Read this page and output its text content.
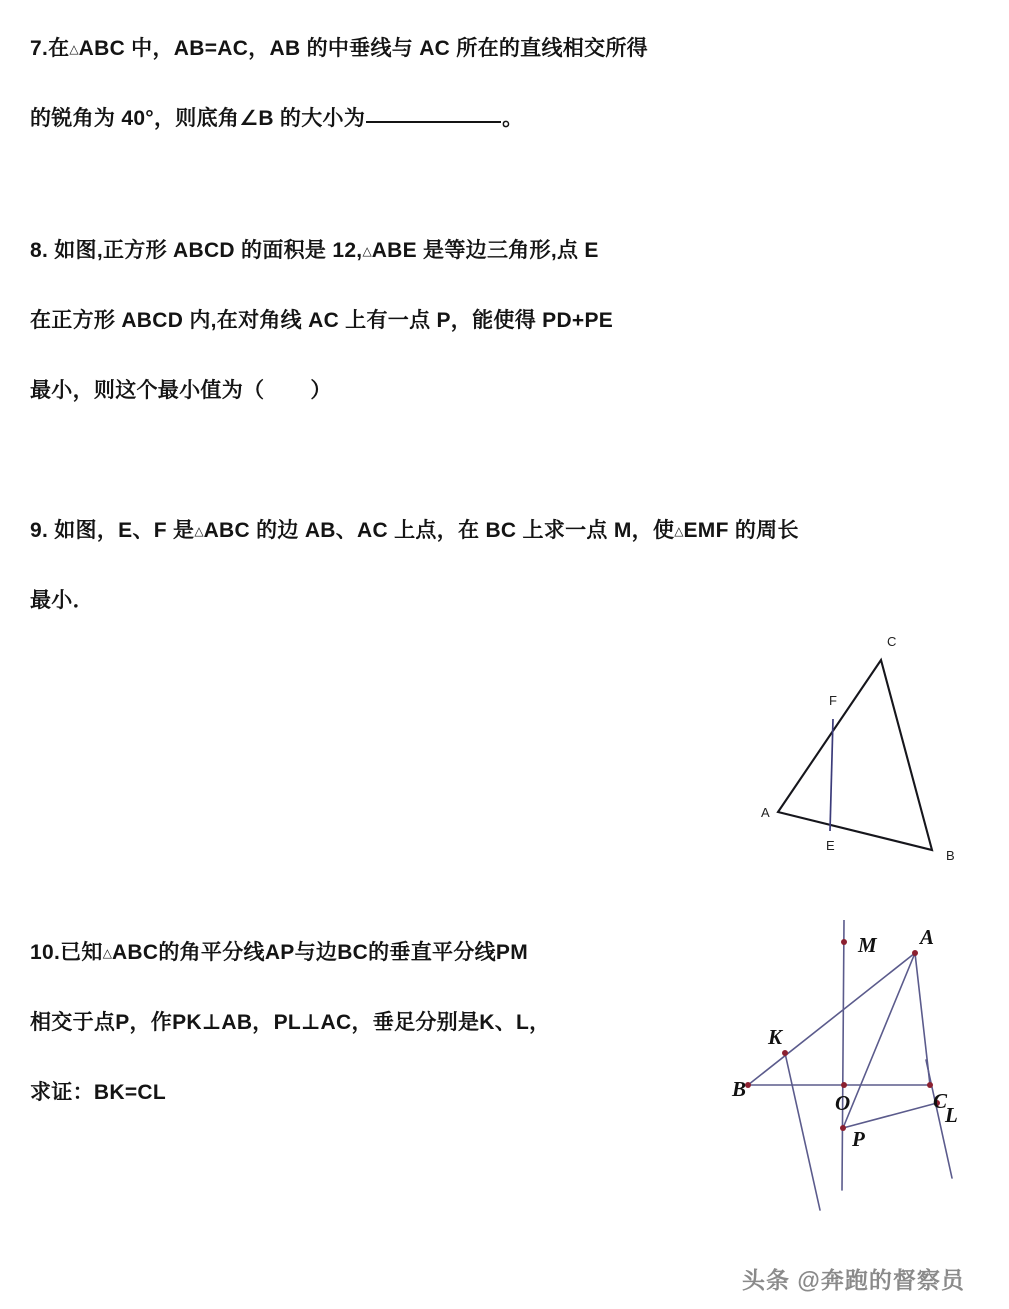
7.在△ABC 中，AB=AC，AB 的中垂线与 AC 所在的直线相交所得
的锐角为 40°，则底角∠B 的大小为	。
8. 如图,正方形 ABCD 的面积是 12,△ABE 是等边三角形,点 E
在正方形 ABCD 内,在对角线 AC 上有一点 P，能使得 PD+PE
最小，则这个最小值为（ ）
9. 如图，E、F 是△ABC 的边 AB、AC 上点，在 BC 上求一点 M，使△EMF 的周长
最小．
A
B
C
E
F
10.已知△ABC的角平分线AP与边BC的垂直平分线PM
相交于点P，作PK⊥AB，PL⊥AC，垂足分别是K、L，
求证：BK=CL
A
M
K
B
O	C
L
P
头条 @奔跑的督察员
